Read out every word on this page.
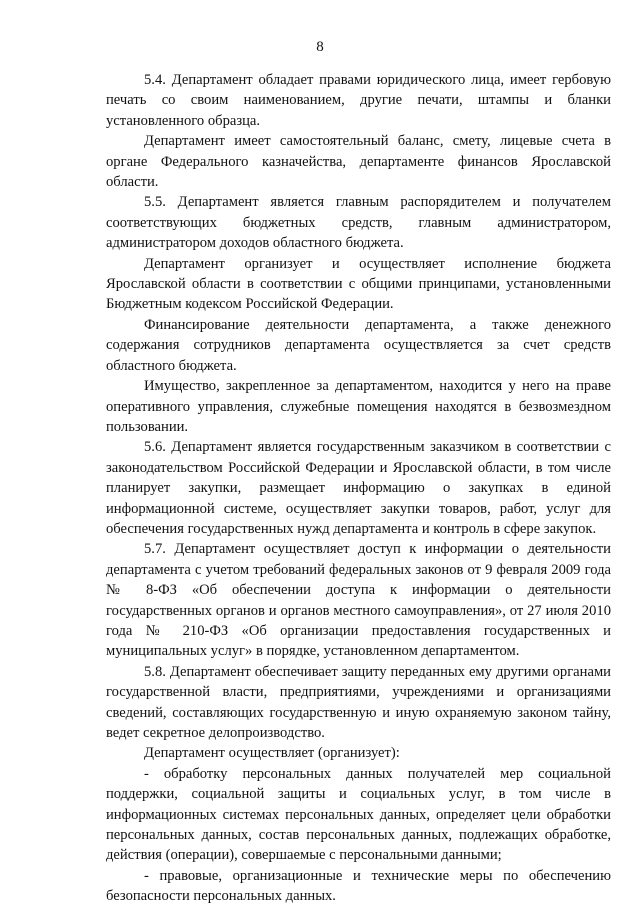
8

5.4. Департамент обладает правами юридического лица, имеет гербовую печать со своим наименованием, другие печати, штампы и бланки установленного образца.

Департамент имеет самостоятельный баланс, смету, лицевые счета в органе Федерального казначейства, департаменте финансов Ярославской области.

5.5. Департамент является главным распорядителем и получателем соответствующих бюджетных средств, главным администратором, администратором доходов областного бюджета.

Департамент организует и осуществляет исполнение бюджета Ярославской области в соответствии с общими принципами, установленными Бюджетным кодексом Российской Федерации.

Финансирование деятельности департамента, а также денежного содержания сотрудников департамента осуществляется за счет средств областного бюджета.

Имущество, закрепленное за департаментом, находится у него на праве оперативного управления, служебные помещения находятся в безвозмездном пользовании.

5.6. Департамент является государственным заказчиком в соответствии с законодательством Российской Федерации и Ярославской области, в том числе планирует закупки, размещает информацию о закупках в единой информационной системе, осуществляет закупки товаров, работ, услуг для обеспечения государственных нужд департамента и контроль в сфере закупок.

5.7. Департамент осуществляет доступ к информации о деятельности департамента с учетом требований федеральных законов от 9 февраля 2009 года № 8-ФЗ «Об обеспечении доступа к информации о деятельности государственных органов и органов местного самоуправления», от 27 июля 2010 года № 210-ФЗ «Об организации предоставления государственных и муниципальных услуг» в порядке, установленном департаментом.

5.8. Департамент обеспечивает защиту переданных ему другими органами государственной власти, предприятиями, учреждениями и организациями сведений, составляющих государственную и иную охраняемую законом тайну, ведет секретное делопроизводство.

Департамент осуществляет (организует):

- обработку персональных данных получателей мер социальной поддержки, социальной защиты и социальных услуг, в том числе в информационных системах персональных данных, определяет цели обработки персональных данных, состав персональных данных, подлежащих обработке, действия (операции), совершаемые с персональными данными;

- правовые, организационные и технические меры по обеспечению безопасности персональных данных.
